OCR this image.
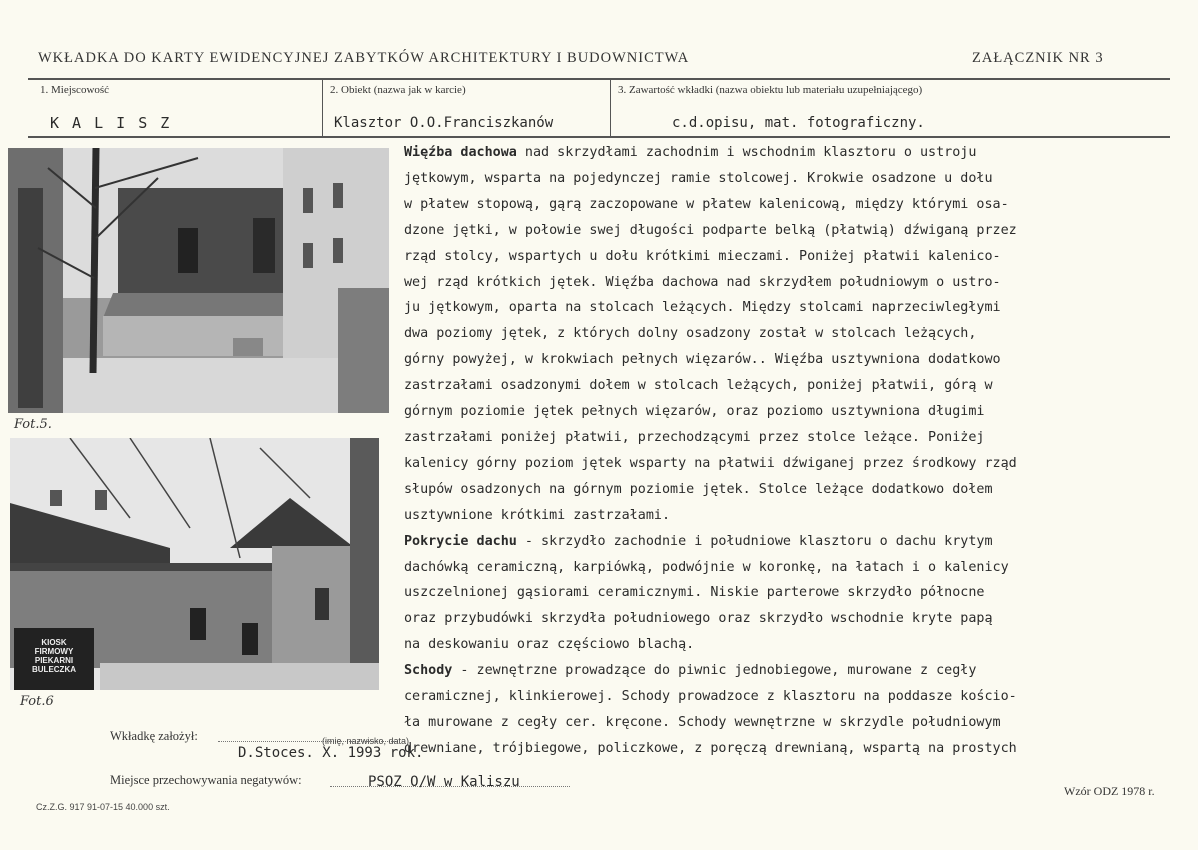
WKŁADKA DO KARTY EWIDENCYJNEJ ZABYTKÓW ARCHITEKTURY I BUDOWNICTWA	ZAŁĄCZNIK NR 3
1. Miejscowość	2. Obiekt (nazwa jak w karcie)	3. Zawartość wkładki (nazwa obiektu lub materiału uzupełniającego)
K A L I S Z	Klasztor O.O.Franciszkanów	c.d.opisu, mat. fotograficzny.
Fot.5.
KIOSK
FIRMOWY
PIEKARNI
BULECZKA
Fot.6
Więźba dachowa nad skrzydłami zachodnim i wschodnim klasztoru o ustroju
jętkowym, wsparta na pojedynczej ramie stolcowej. Krokwie osadzone u dołu
w płatew stopową, gąrą zaczopowane w płatew kalenicową, między którymi osa-
dzone jętki, w połowie swej długości podparte belką (płatwią) dźwiganą przez
rząd stolcy, wspartych u dołu krótkimi mieczami. Poniżej płatwii kalenico-
wej rząd krótkich jętek. Więźba dachowa nad skrzydłem południowym o ustro-
ju jętkowym, oparta na stolcach leżących. Między stolcami naprzeciwległymi
dwa poziomy jętek, z których dolny osadzony został w stolcach leżących,
górny powyżej, w krokwiach pełnych więzarów.. Więźba usztywniona dodatkowo
zastrzałami osadzonymi dołem w stolcach leżących, poniżej płatwii, górą w
górnym poziomie jętek pełnych więzarów, oraz poziomo usztywniona długimi
zastrzałami poniżej płatwii, przechodzącymi przez stolce leżące. Poniżej
kalenicy górny poziom jętek wsparty na płatwii dźwiganej przez środkowy rząd
słupów osadzonych na górnym poziomie jętek. Stolce leżące dodatkowo dołem
usztywnione krótkimi zastrzałami.
Pokrycie dachu - skrzydło zachodnie i południowe klasztoru o dachu krytym
dachówką ceramiczną, karpiówką, podwójnie w koronkę, na łatach i o kalenicy
uszczelnionej gąsiorami ceramicznymi. Niskie parterowe skrzydło północne
oraz przybudówki skrzydła południowego oraz skrzydło wschodnie kryte papą
na deskowaniu oraz częściowo blachą.
Schody - zewnętrzne prowadzące do piwnic jednobiegowe, murowane z cegły
ceramicznej, klinkierowej. Schody prowadzoce z klasztoru na poddasze kościo-
ła murowane z cegły cer. kręcone. Schody wewnętrzne w skrzydle południowym
drewniane, trójbiegowe, policzkowe, z poręczą drewnianą, wspartą na prostych
Wkładkę założył:	(imię, nazwisko, data)
D.Stoces. X. 1993 rok.
Miejsce przechowywania negatywów:	PSOZ O/W w Kaliszu
Cz.Z.G. 917 91-07-15 40.000 szt.
Wzór ODZ 1978 r.
